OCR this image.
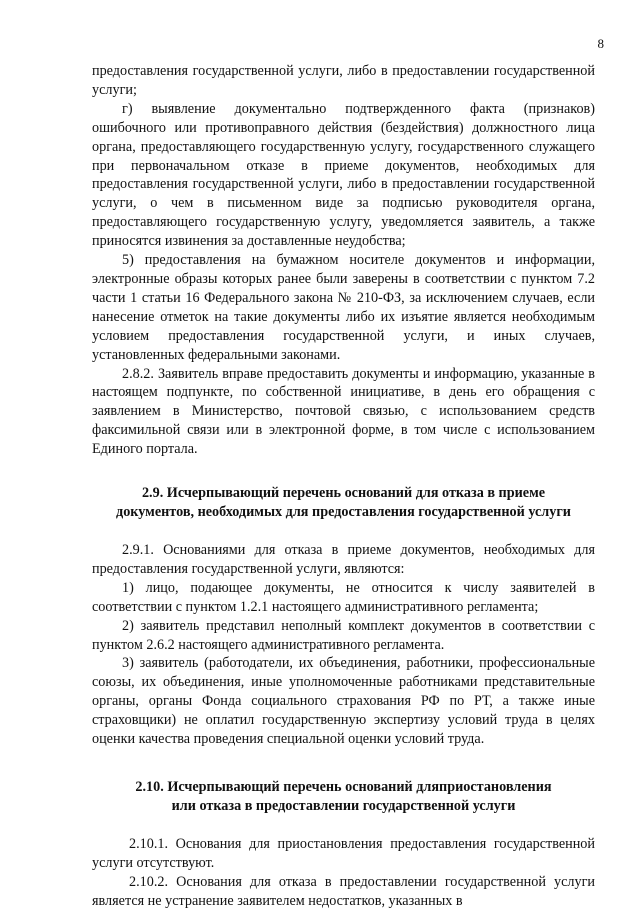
8

предоставления государственной услуги, либо в предоставлении государственной услуги;

г) выявление документально подтвержденного факта (признаков) ошибочного или противоправного действия (бездействия) должностного лица органа, предоставляющего государственную услугу, государственного служащего при первоначальном отказе в приеме документов, необходимых для предоставления государственной услуги, либо в предоставлении государственной услуги, о чем в письменном виде за подписью руководителя органа, предоставляющего государственную услугу, уведомляется заявитель, а также приносятся извинения за доставленные неудобства;

5) предоставления на бумажном носителе документов и информации, электронные образы которых ранее были заверены в соответствии с пунктом 7.2 части 1 статьи 16 Федерального закона № 210-ФЗ, за исключением случаев, если нанесение отметок на такие документы либо их изъятие является необходимым условием предоставления государственной услуги, и иных случаев, установленных федеральными законами.

2.8.2. Заявитель вправе предоставить документы и информацию, указанные в настоящем подпункте, по собственной инициативе, в день его обращения с заявлением в Министерство, почтовой связью, с использованием средств факсимильной связи или в электронной форме, в том числе с использованием Единого портала.

2.9. Исчерпывающий перечень оснований для отказа в приеме
документов, необходимых для предоставления государственной услуги

2.9.1. Основаниями для отказа в приеме документов, необходимых для предоставления государственной услуги, являются:

1) лицо, подающее документы, не относится к числу заявителей в соответствии с пунктом 1.2.1 настоящего административного регламента;

2) заявитель представил неполный комплект документов в соответствии с пунктом 2.6.2 настоящего административного регламента.

3) заявитель (работодатели, их объединения, работники, профессиональные союзы, их объединения, иные уполномоченные работниками представительные органы, органы Фонда социального страхования РФ по РТ, а также иные страховщики) не оплатил государственную экспертизу условий труда в целях оценки качества проведения специальной оценки условий труда.

2.10. Исчерпывающий перечень оснований дляприостановления
или отказа в предоставлении государственной услуги

2.10.1. Основания для приостановления предоставления государственной услуги отсутствуют.

2.10.2. Основания для отказа в предоставлении государственной услуги является не устранение заявителем недостатков, указанных в
